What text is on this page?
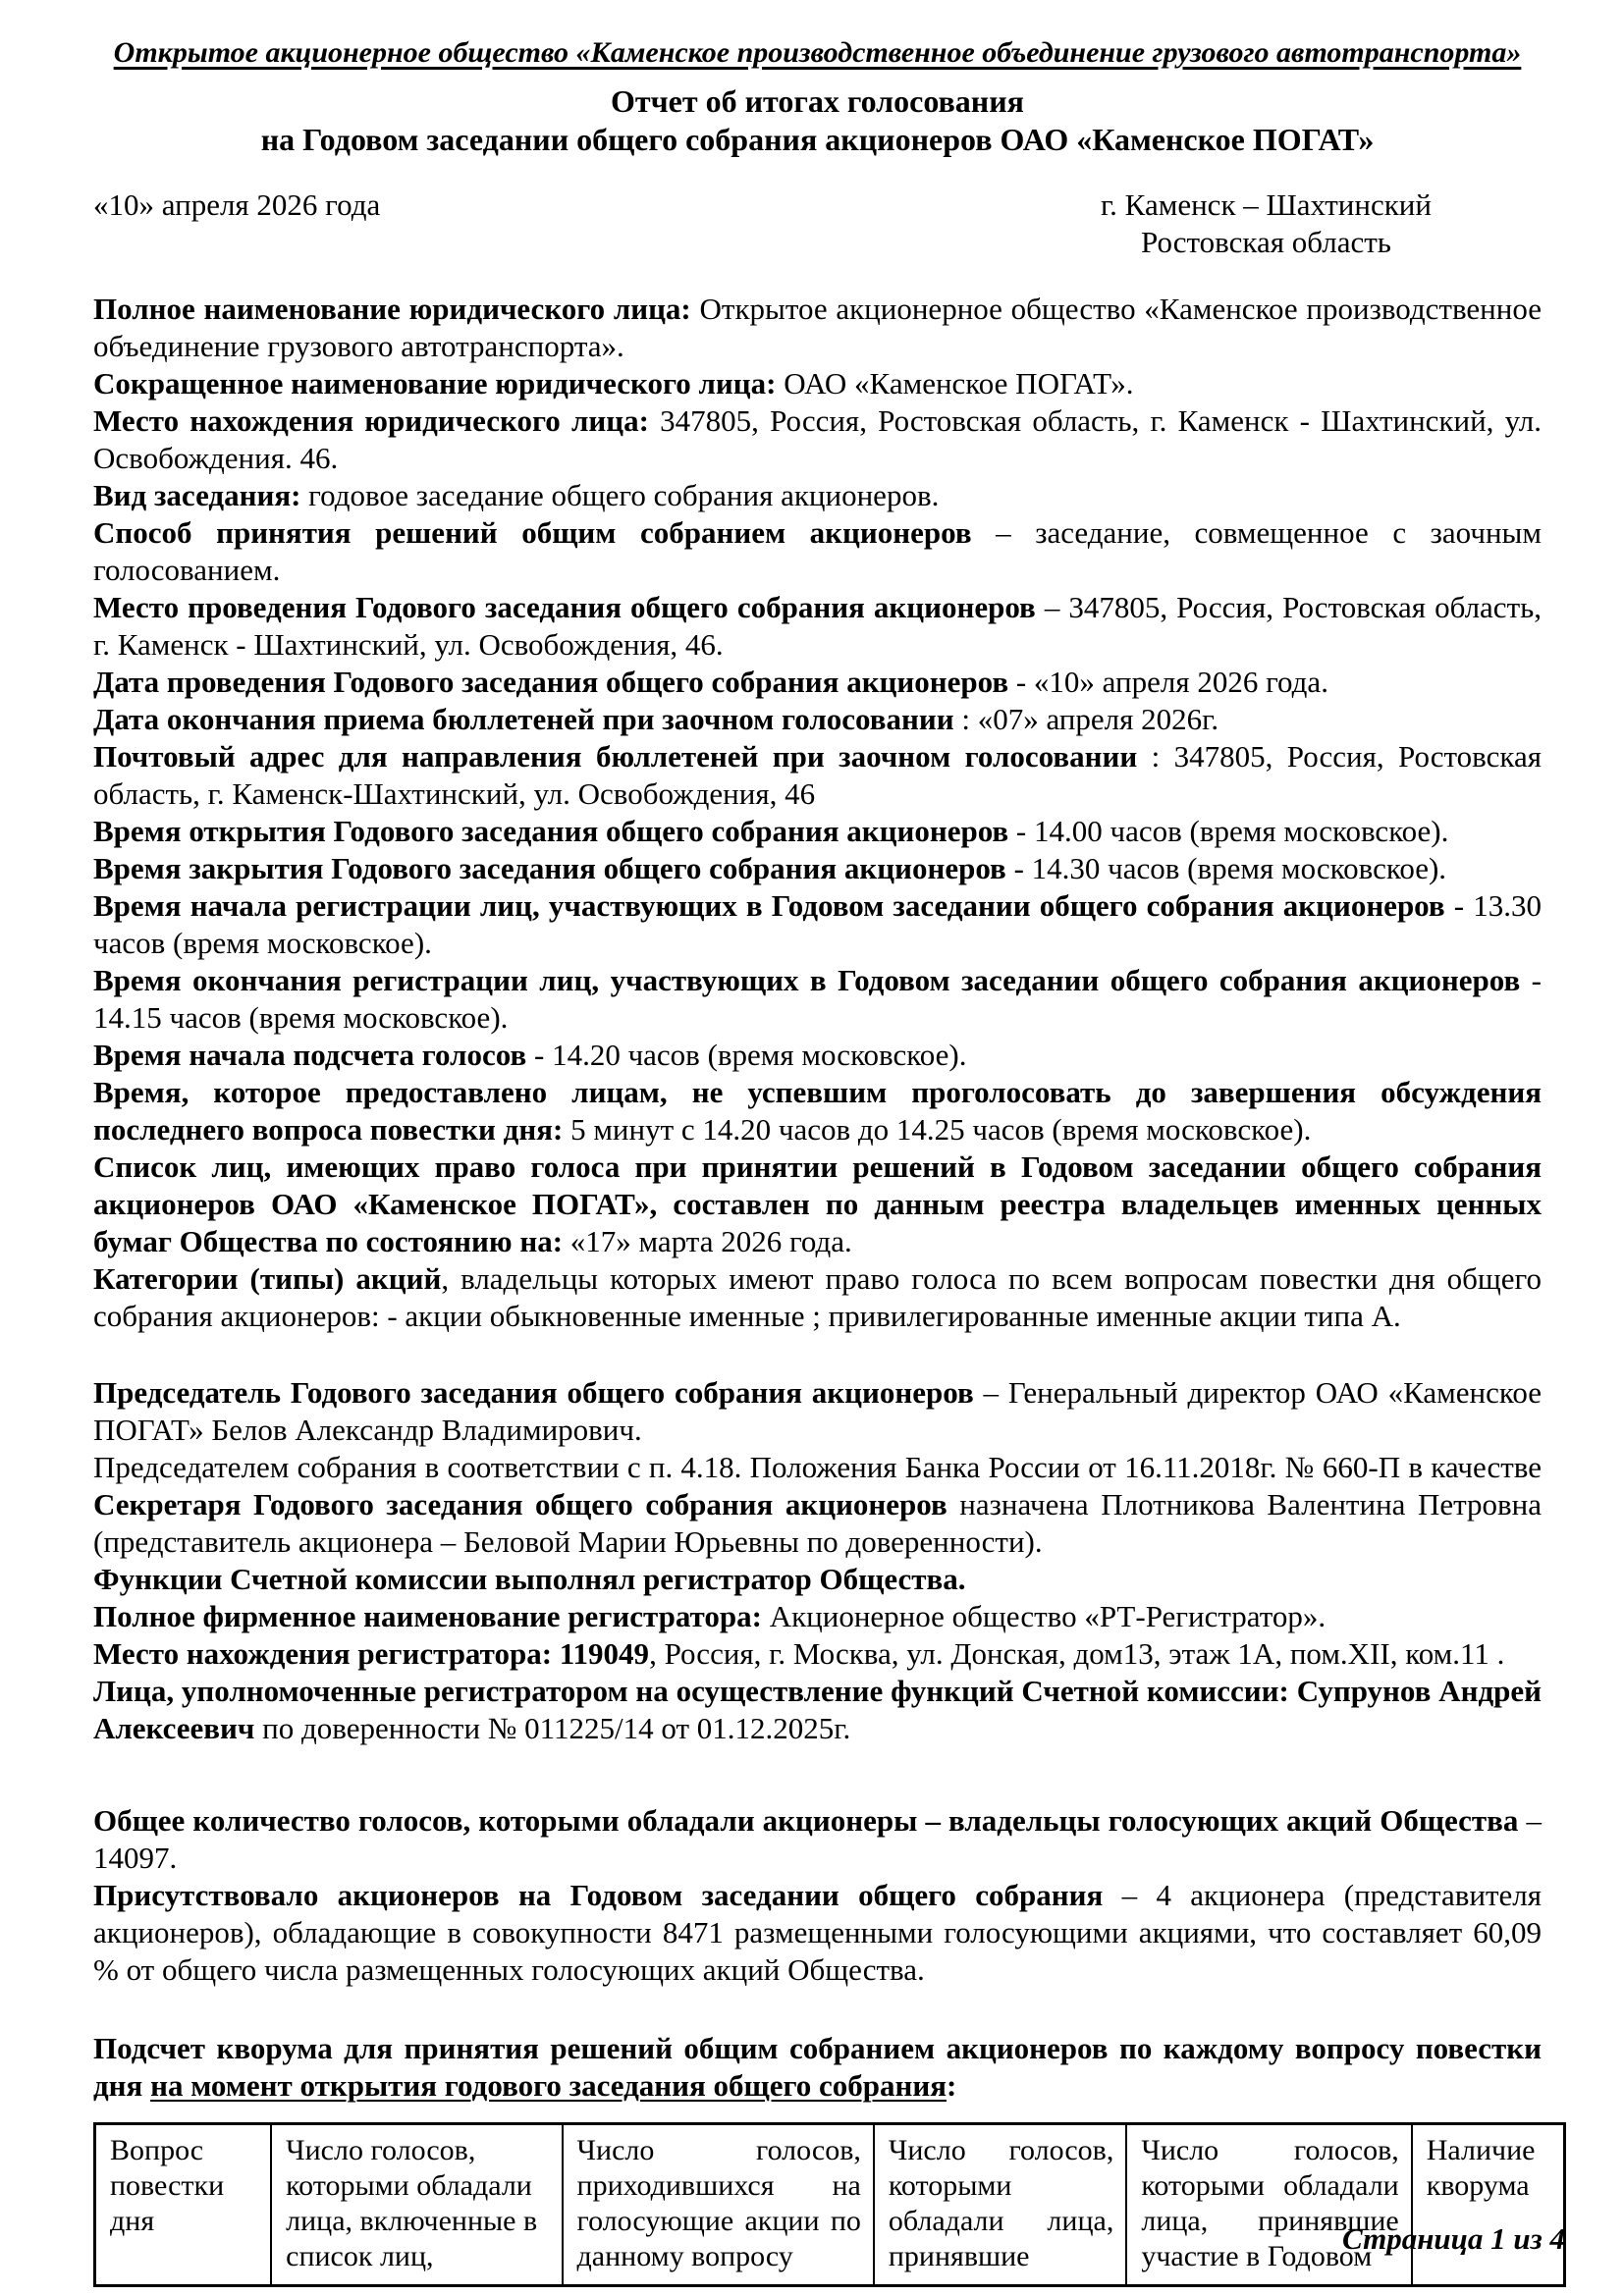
Открытое акционерное общество «Каменское производственное объединение грузового автотранспорта»

Отчет об итогах голосования

на Годовом заседании общего собрания акционеров ОАО «Каменское ПОГАТ»

«10» апреля 2026 года	г. Каменск – Шахтинский
Ростовская область

Полное наименование юридического лица: Открытое акционерное общество «Каменское производственное объединение грузового автотранспорта».

Сокращенное наименование юридического лица: ОАО «Каменское ПОГАТ».

Место нахождения юридического лица: 347805, Россия, Ростовская область, г. Каменск - Шахтинский, ул. Освобождения. 46.

Вид заседания: годовое заседание общего собрания акционеров.

Способ принятия решений общим собранием акционеров – заседание, совмещенное с заочным голосованием.

Место проведения Годового заседания общего собрания акционеров – 347805, Россия, Ростовская область, г. Каменск - Шахтинский, ул. Освобождения, 46.

Дата проведения Годового заседания общего собрания акционеров - «10» апреля 2026 года.

Дата окончания приема бюллетеней при заочном голосовании : «07» апреля 2026г.

Почтовый адрес для направления бюллетеней при заочном голосовании : 347805, Россия, Ростовская область, г. Каменск-Шахтинский, ул. Освобождения, 46

Время открытия Годового заседания общего собрания акционеров - 14.00 часов (время московское).

Время закрытия Годового заседания общего собрания акционеров - 14.30 часов (время московское).

Время начала регистрации лиц, участвующих в Годовом заседании общего собрания акционеров - 13.30 часов (время московское).

Время окончания регистрации лиц, участвующих в Годовом заседании общего собрания акционеров - 14.15 часов (время московское).

Время начала подсчета голосов - 14.20 часов (время московское).

Время, которое предоставлено лицам, не успевшим проголосовать до завершения обсуждения последнего вопроса повестки дня: 5 минут с 14.20 часов до 14.25 часов (время московское).

Список лиц, имеющих право голоса при принятии решений в Годовом заседании общего собрания акционеров ОАО «Каменское ПОГАТ», составлен по данным реестра владельцев именных ценных бумаг Общества по состоянию на: «17» марта 2026 года.

Категории (типы) акций, владельцы которых имеют право голоса по всем вопросам повестки дня общего собрания акционеров: - акции обыкновенные именные ; привилегированные именные акции типа А.

Председатель Годового заседания общего собрания акционеров – Генеральный директор ОАО «Каменское ПОГАТ» Белов Александр Владимирович.

Председателем собрания в соответствии с п. 4.18. Положения Банка России от 16.11.2018г. № 660-П в качестве Секретаря Годового заседания общего собрания акционеров назначена Плотникова Валентина Петровна (представитель акционера – Беловой Марии Юрьевны по доверенности).

Функции Счетной комиссии выполнял регистратор Общества.

Полное фирменное наименование регистратора: Акционерное общество «РТ-Регистратор».

Место нахождения регистратора: 119049, Россия, г. Москва, ул. Донская, дом13, этаж 1А, пом.XII, ком.11 .

Лица, уполномоченные регистратором на осуществление функций Счетной комиссии: Супрунов Андрей Алексеевич по доверенности № 011225/14 от 01.12.2025г.

Общее количество голосов, которыми обладали акционеры – владельцы голосующих акций Общества – 14097.

Присутствовало акционеров на Годовом заседании общего собрания – 4 акционера (представителя акционеров), обладающие в совокупности 8471 размещенными голосующими акциями, что составляет 60,09 % от общего числа размещенных голосующих акций Общества.

Подсчет кворума для принятия решений общим собранием акционеров по каждому вопросу повестки дня на момент открытия годового заседания общего собрания:

Вопрос повестки дня	Число голосов, которыми обладали лица, включенные в список лиц,	Число голосов, приходившихся на голосующие акции по данному вопросу	Число голосов, которыми обладали лица, принявшие	Число голосов, которыми обладали лица, принявшие участие в Годовом	Наличие кворума
Страница 1 из 4
